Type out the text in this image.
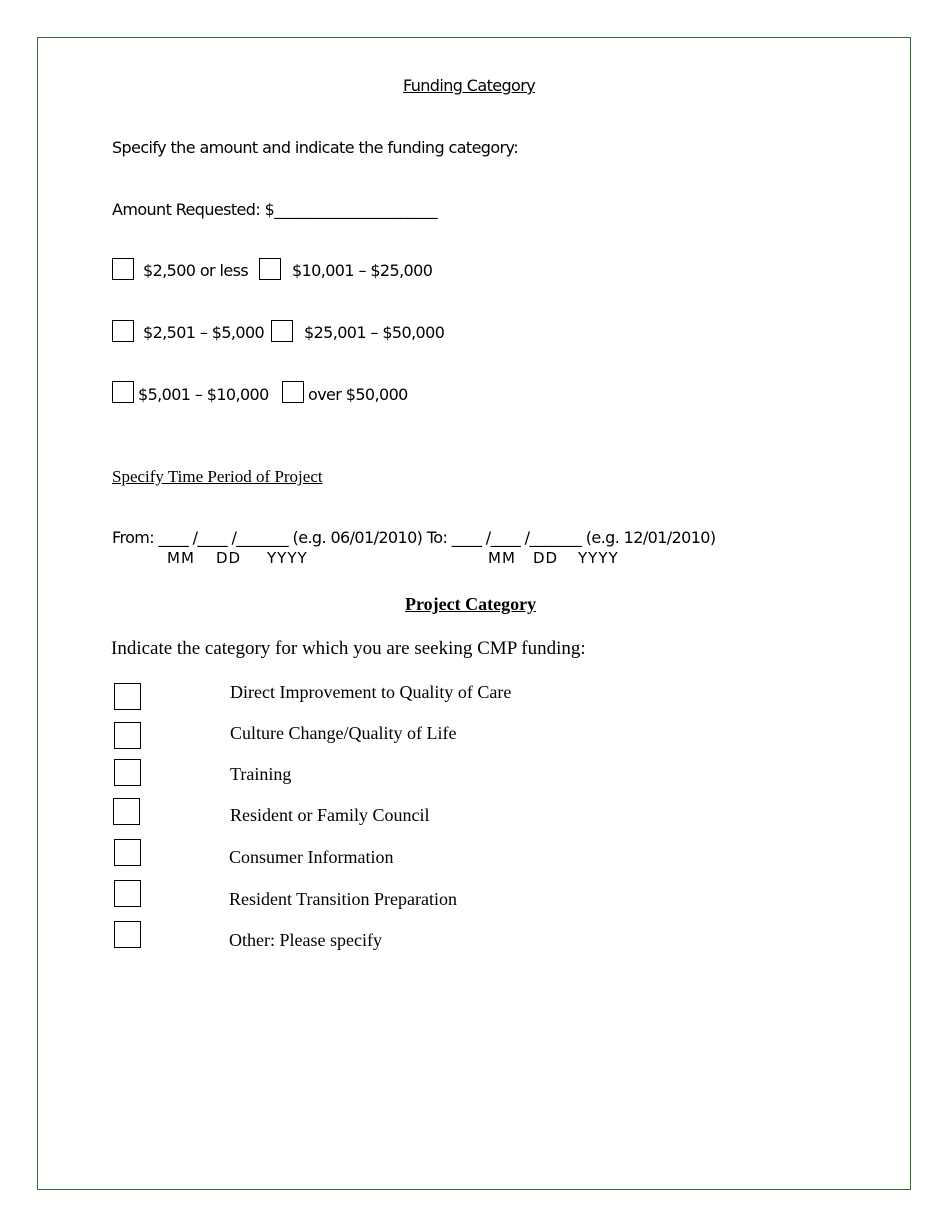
Funding Category
Specify the amount and indicate the funding category:
Amount Requested: $______________________
$2,500 or less	$10,001 – $25,000
$2,501 – $5,000 $25,001 – $50,000
$5,001 – $10,000 over $50,000
Specify Time Period of Project
From: ____ /____ /_______ (e.g. 06/01/2010) To: ____ /____ /_______ (e.g. 12/01/2010)
MM DD YYYY	MM DD YYYY
Project Category
Indicate the category for which you are seeking CMP funding:
Direct Improvement to Quality of Care
Culture Change/Quality of Life
Training
Resident or Family Council
Consumer Information
Resident Transition Preparation
Other: Please specify
